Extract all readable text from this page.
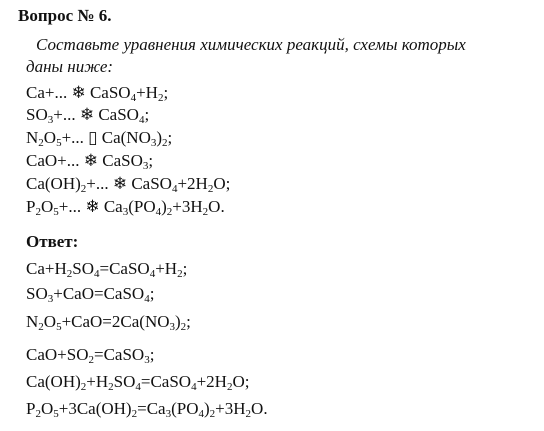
Вопрос № 6.
Составьте уравнения химических реакций, схемы которых
даны ниже:
Ca+... ❄ $CaSO_4+H_2$;
$SO_3+$... ❄ CaSO$_4$;
$N_2O_5+$... ▯ $Ca(NO_3)_2$;
CaO+... ❄ CaSO$_3$;
$Ca(OH)_2+$... ❄ $CaSO_4+2H_2O$;
$P_2O_5+$... ❄ $Ca_3(PO_4)_2+3H_2O$.
Ответ:
$Ca+H_2SO_4=CaSO_4+H_2$;
$SO_3+CaO=CaSO_4$;
$N_2O_5+CaO=2Ca(NO_3)_2$;
$CaO+SO_2=CaSO_3$;
$Ca(OH)_2+H_2SO_4=CaSO_4+2H_2O$;
$P_2O_5+3Ca(OH)_2=Ca_3(PO_4)_2+3H_2O$.
